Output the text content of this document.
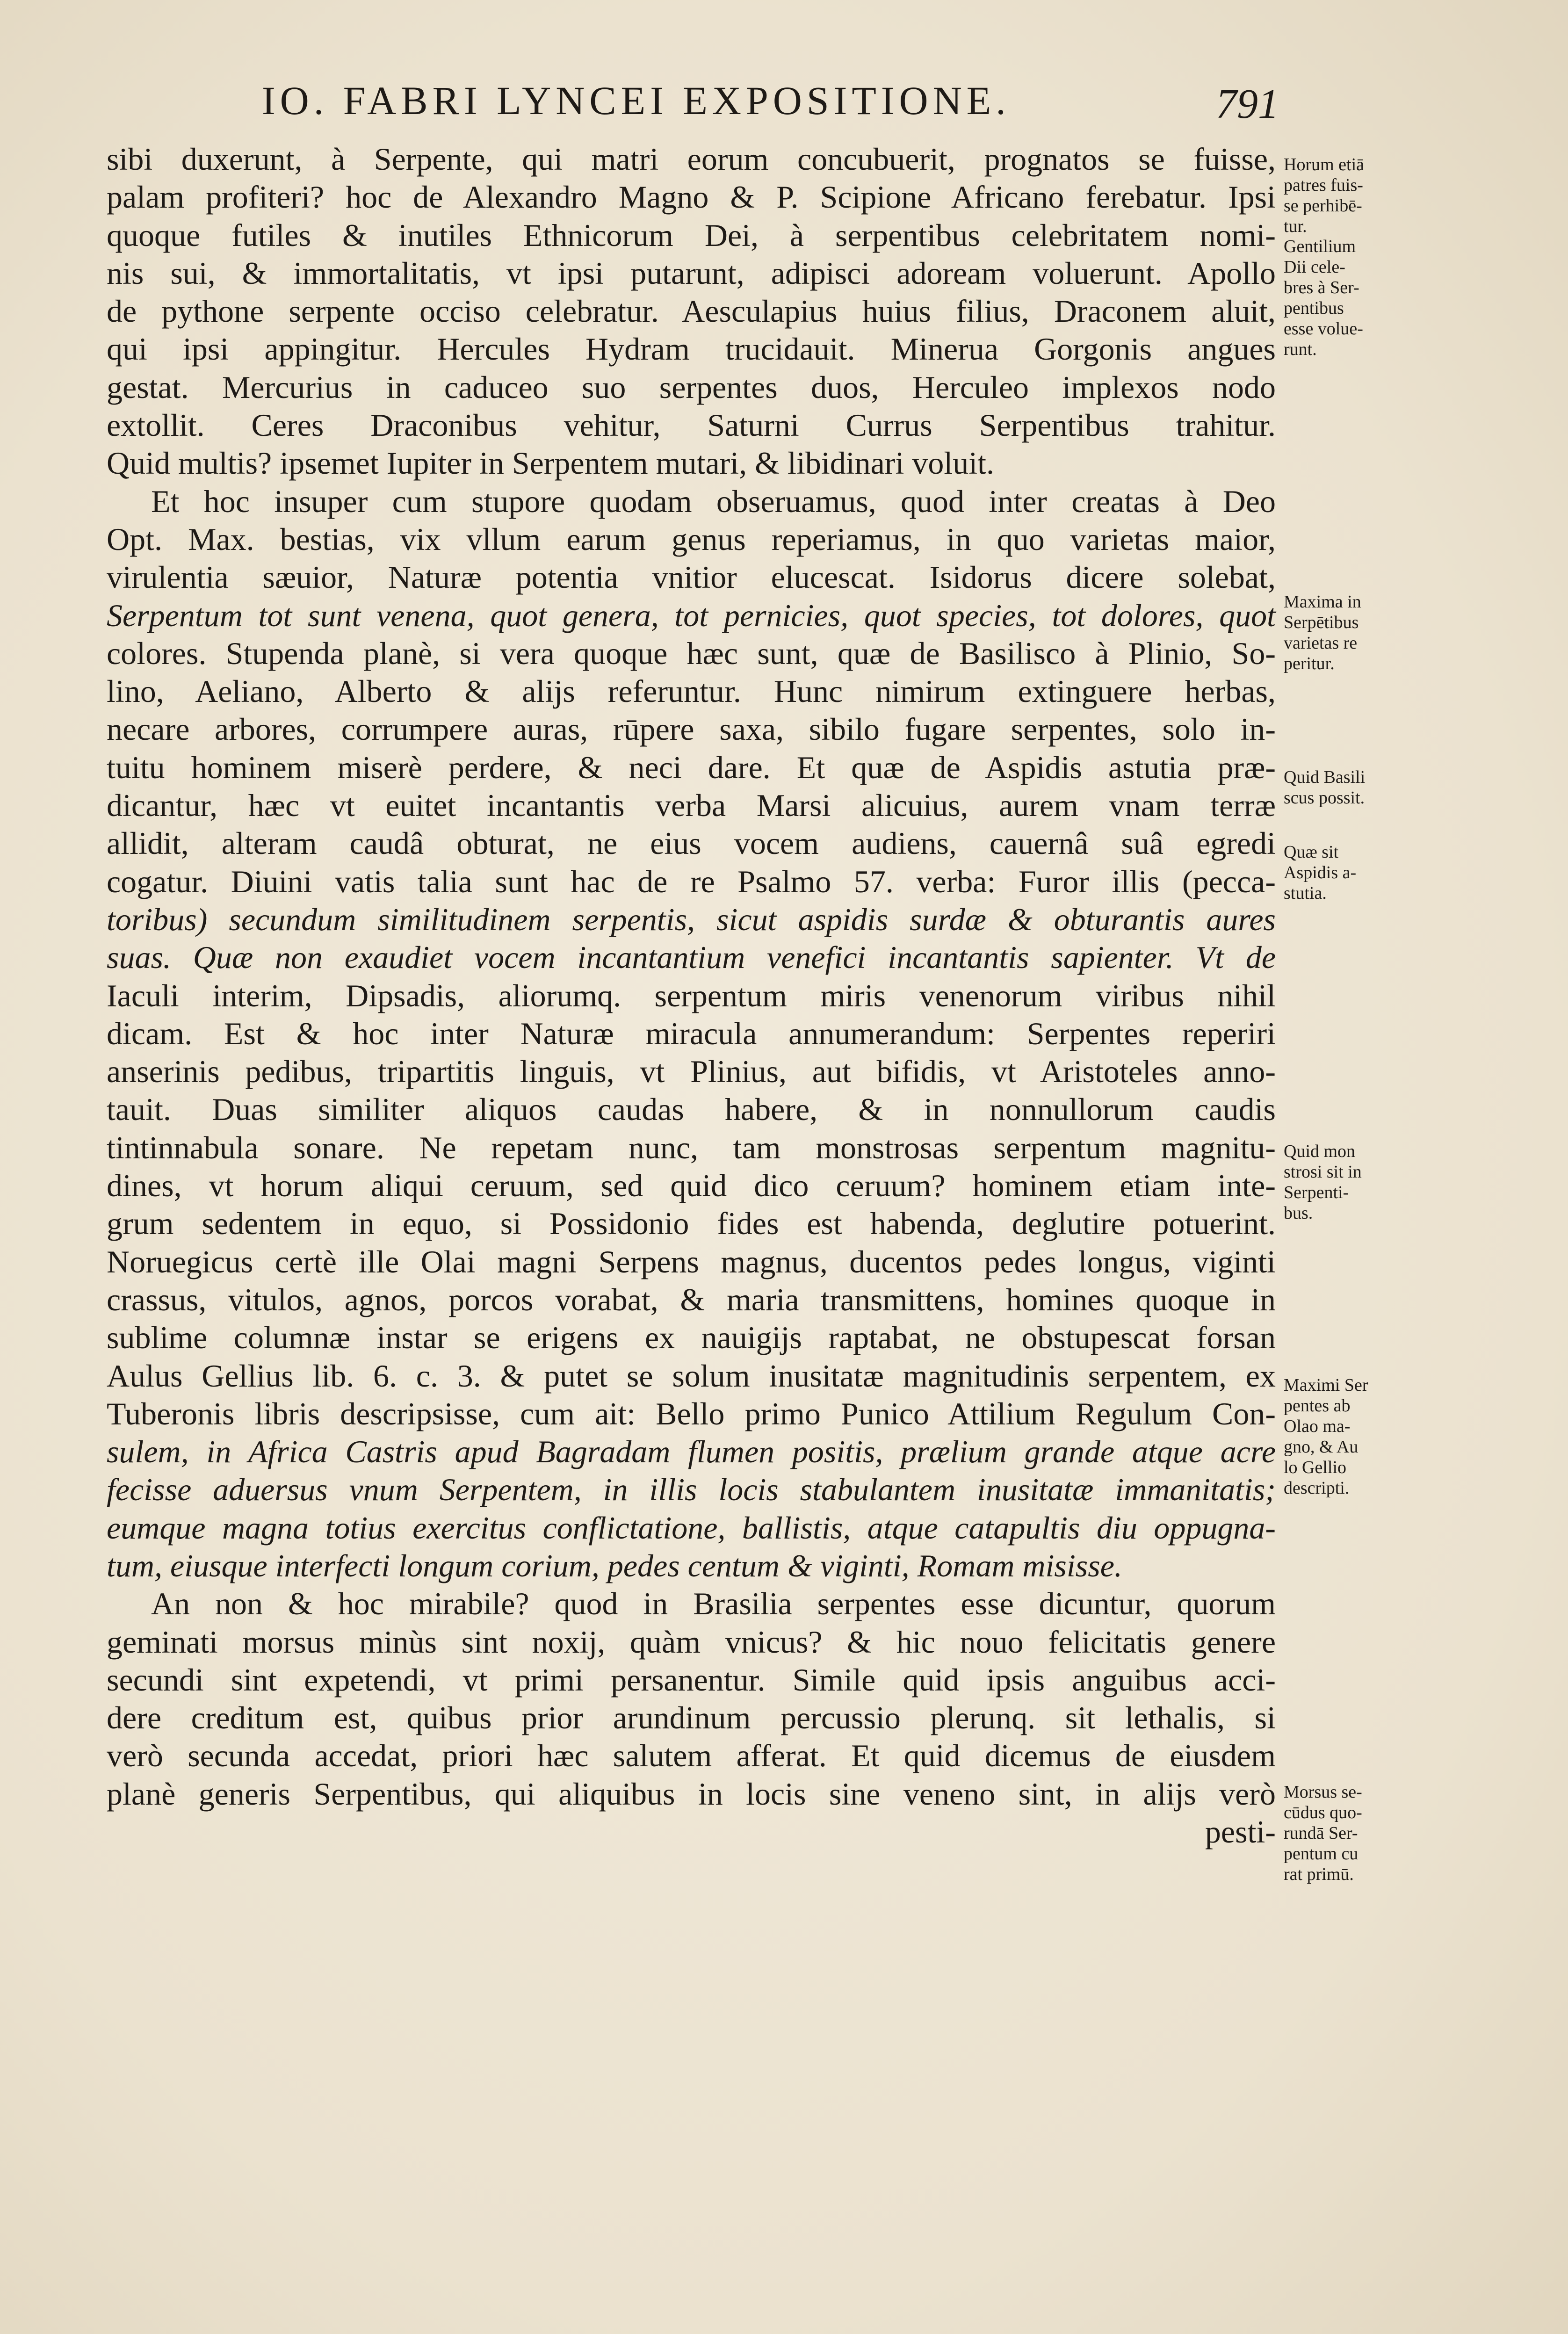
IO. FABRI LYNCEI EXPOSITIONE.	791
sibi duxerunt, à Serpente, qui matri eorum concubuerit, prognatos se fuisse,
palam profiteri? hoc de Alexandro Magno & P. Scipione Africano ferebatur. Ipsi
quoque futiles & inutiles Ethnicorum Dei, à serpentibus celebritatem nomi-
nis sui, & immortalitatis, vt ipsi putarunt, adipisci adoream voluerunt. Apollo
de pythone serpente occiso celebratur. Aesculapius huius filius, Draconem aluit,
qui ipsi appingitur. Hercules Hydram trucidauit. Minerua Gorgonis angues
gestat. Mercurius in caduceo suo serpentes duos, Herculeo implexos nodo
extollit. Ceres Draconibus vehitur, Saturni Currus Serpentibus trahitur.
Quid multis? ipsemet Iupiter in Serpentem mutari, & libidinari voluit.
Et hoc insuper cum stupore quodam obseruamus, quod inter creatas à Deo
Opt. Max. bestias, vix vllum earum genus reperiamus, in quo varietas maior,
virulentia sæuior, Naturæ potentia vnitior elucescat. Isidorus dicere solebat,
Serpentum tot sunt venena, quot genera, tot pernicies, quot species, tot dolores, quot
colores. Stupenda planè, si vera quoque hæc sunt, quæ de Basilisco à Plinio, So-
lino, Aeliano, Alberto & alijs referuntur. Hunc nimirum extinguere herbas,
necare arbores, corrumpere auras, rūpere saxa, sibilo fugare serpentes, solo in-
tuitu hominem miserè perdere, & neci dare. Et quæ de Aspidis astutia præ-
dicantur, hæc vt euitet incantantis verba Marsi alicuius, aurem vnam terræ
allidit, alteram caudâ obturat, ne eius vocem audiens, cauernâ suâ egredi
cogatur. Diuini vatis talia sunt hac de re Psalmo 57. verba: Furor illis (pecca-
toribus) secundum similitudinem serpentis, sicut aspidis surdæ & obturantis aures
suas. Quæ non exaudiet vocem incantantium venefici incantantis sapienter. Vt de
Iaculi interim, Dipsadis, aliorumq. serpentum miris venenorum viribus nihil
dicam. Est & hoc inter Naturæ miracula annumerandum: Serpentes reperiri
anserinis pedibus, tripartitis linguis, vt Plinius, aut bifidis, vt Aristoteles anno-
tauit. Duas similiter aliquos caudas habere, & in nonnullorum caudis
tintinnabula sonare. Ne repetam nunc, tam monstrosas serpentum magnitu-
dines, vt horum aliqui ceruum, sed quid dico ceruum? hominem etiam inte-
grum sedentem in equo, si Possidonio fides est habenda, deglutire potuerint.
Noruegicus certè ille Olai magni Serpens magnus, ducentos pedes longus, viginti
crassus, vitulos, agnos, porcos vorabat, & maria transmittens, homines quoque in
sublime columnæ instar se erigens ex nauigijs raptabat, ne obstupescat forsan
Aulus Gellius lib. 6. c. 3. & putet se solum inusitatæ magnitudinis serpentem, ex
Tuberonis libris descripsisse, cum ait: Bello primo Punico Attilium Regulum Con-
sulem, in Africa Castris apud Bagradam flumen positis, prælium grande atque acre
fecisse aduersus vnum Serpentem, in illis locis stabulantem inusitatæ immanitatis;
eumque magna totius exercitus conflictatione, ballistis, atque catapultis diu oppugna-
tum, eiusque interfecti longum corium, pedes centum & viginti, Romam misisse.
An non & hoc mirabile? quod in Brasilia serpentes esse dicuntur, quorum
geminati morsus minùs sint noxij, quàm vnicus? & hic nouo felicitatis genere
secundi sint expetendi, vt primi persanentur. Simile quid ipsis anguibus acci-
dere creditum est, quibus prior arundinum percussio plerunq. sit lethalis, si
verò secunda accedat, priori hæc salutem afferat. Et quid dicemus de eiusdem
planè generis Serpentibus, qui aliquibus in locis sine veneno sint, in alijs verò
pesti-
Horum etiā
patres fuis-
se perhibē-
tur.
Gentilium
Dii cele-
bres à Ser-
pentibus
esse volue-
runt.
Maxima in
Serpētibus
varietas re
peritur.
Quid Basili
scus possit.
Quæ sit
Aspidis a-
stutia.
Quid mon
strosi sit in
Serpenti-
bus.
Maximi Ser
pentes ab
Olao ma-
gno, & Au
lo Gellio
descripti.
Morsus se-
cūdus quo-
rundā Ser-
pentum cu
rat primū.
